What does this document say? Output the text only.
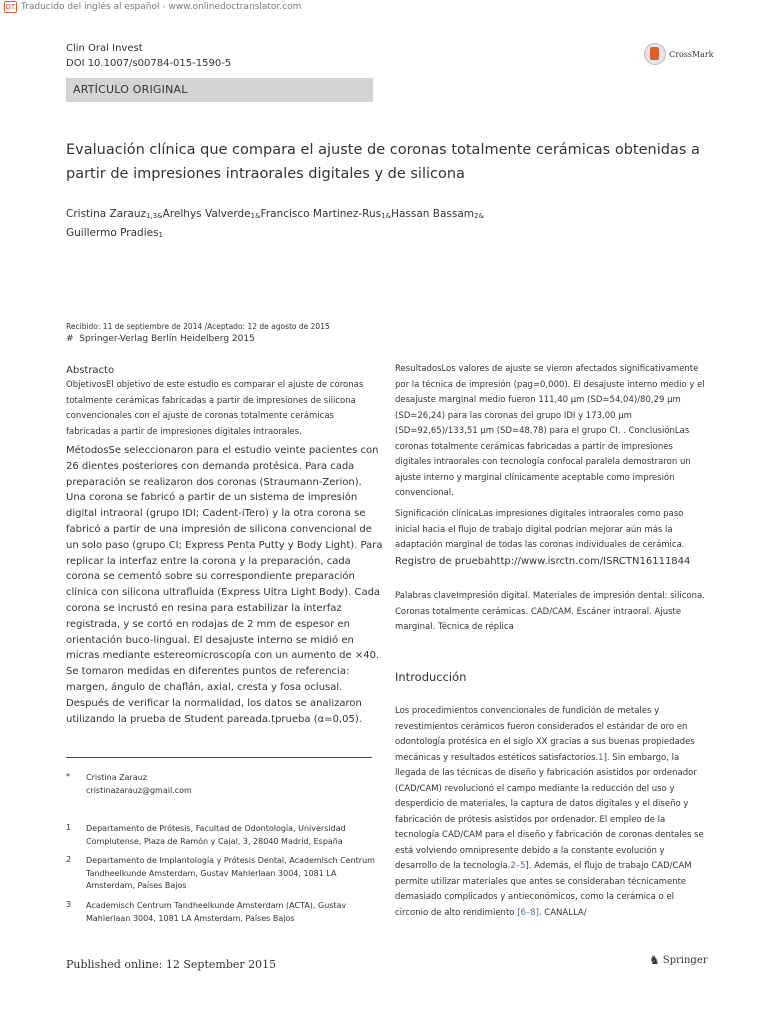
DT Traducido del inglés al español - www.onlinedoctranslator.com
Clin Oral Invest
DOI 10.1007/s00784-015-1590-5
CrossMark
ARTÍCULO ORIGINAL
Evaluación clínica que compara el ajuste de coronas totalmente cerámicas obtenidas a partir de impresiones intraorales digitales y de silicona
Cristina Zarauz$_{1,3\&}$Arelhys Valverde$_{1\&}$Francisco Martinez-Rus$_{1\&}$Hassan Bassam$_{2\&}$
Guillermo Pradies$_1$
Recibido: 11 de septiembre de 2014 /Aceptado: 12 de agosto de 2015
# Springer-Verlag Berlín Heidelberg 2015
Abstracto
ObjetivosEl objetivo de este estudio es comparar el ajuste de coronas totalmente cerámicas fabricadas a partir de impresiones de silicona convencionales con el ajuste de coronas totalmente cerámicas fabricadas a partir de impresiones digitales intraorales.
MétodosSe seleccionaron para el estudio veinte pacientes con 26 dientes posteriores con demanda protésica. Para cada preparación se realizaron dos coronas (Straumann-Zerion). Una corona se fabricó a partir de un sistema de impresión digital intraoral (grupo IDI; Cadent-iTero) y la otra corona se fabricó a partir de una impresión de silicona convencional de un solo paso (grupo CI; Express Penta Putty y Body Light). Para replicar la interfaz entre la corona y la preparación, cada corona se cementó sobre su correspondiente preparación clínica con silicona ultrafluida (Express Ultra Light Body). Cada corona se incrustó en resina para estabilizar la interfaz registrada, y se cortó en rodajas de 2 mm de espesor en orientación buco-lingual. El desajuste interno se midió en micras mediante estereomicroscopía con un aumento de ×40. Se tomaron medidas en diferentes puntos de referencia: margen, ángulo de chaflán, axial, cresta y fosa oclusal. Después de verificar la normalidad, los datos se analizaron utilizando la prueba de Student pareada.tprueba (α=0,05).
ResultadosLos valores de ajuste se vieron afectados significativamente por la técnica de impresión (pag=0,000). El desajuste interno medio y el desajuste marginal medio fueron 111,40 μm (SD=54,04)/80,29 μm (SD=26,24) para las coronas del grupo IDI y 173,00 μm (SD=92,65)/133,51 μm (SD=48,78) para el grupo CI. . ConclusiónLas coronas totalmente cerámicas fabricadas a partir de impresiones digitales intraorales con tecnología confocal paralela demostraron un ajuste interno y marginal clínicamente aceptable como impresión convencional.
Significación clínicaLas impresiones digitales intraorales como paso inicial hacia el flujo de trabajo digital podrían mejorar aún más la adaptación marginal de todas las coronas individuales de cerámica.
Registro de pruebahttp://www.isrctn.com/ISRCTN16111844
Palabras claveImpresión digital. Materiales de impresión dental: silicona. Coronas totalmente cerámicas. CAD/CAM. Escáner intraoral. Ajuste marginal. Técnica de réplica
Introducción
Los procedimientos convencionales de fundición de metales y revestimientos cerámicos fueron considerados el estándar de oro en odontología protésica en el siglo XX gracias a sus buenas propiedades mecánicas y resultados estéticos satisfactorios.1]. Sin embargo, la llegada de las técnicas de diseño y fabricación asistidos por ordenador (CAD/CAM) revolucionó el campo mediante la reducción del uso y desperdicio de materiales, la captura de datos digitales y el diseño y fabricación de prótesis asistidos por ordenador. El empleo de la tecnología CAD/CAM para el diseño y fabricación de coronas dentales se está volviendo omnipresente debido a la constante evolución y desarrollo de la tecnología.2–5]. Además, el flujo de trabajo CAD/CAM permite utilizar materiales que antes se consideraban técnicamente demasiado complicados y antieconómicos, como la cerámica o el circonio de alto rendimiento [6–8]. CANALLA/
* Cristina Zarauz
cristinazarauz@gmail.com
1 Departamento de Prótesis, Facultad de Odontología, Universidad Complutense, Plaza de Ramón y Cajal, 3, 28040 Madrid, España
2 Departamento de Implantología y Prótesis Dental, Academisch Centrum Tandheelkunde Amsterdam, Gustav Mahlerlaan 3004, 1081 LA Amsterdam, Países Bajos
3 Academisch Centrum Tandheelkunde Amsterdam (ACTA), Gustav Mahlerlaan 3004, 1081 LA Amsterdam, Países Bajos
Published online: 12 September 2015	♞ Springer
